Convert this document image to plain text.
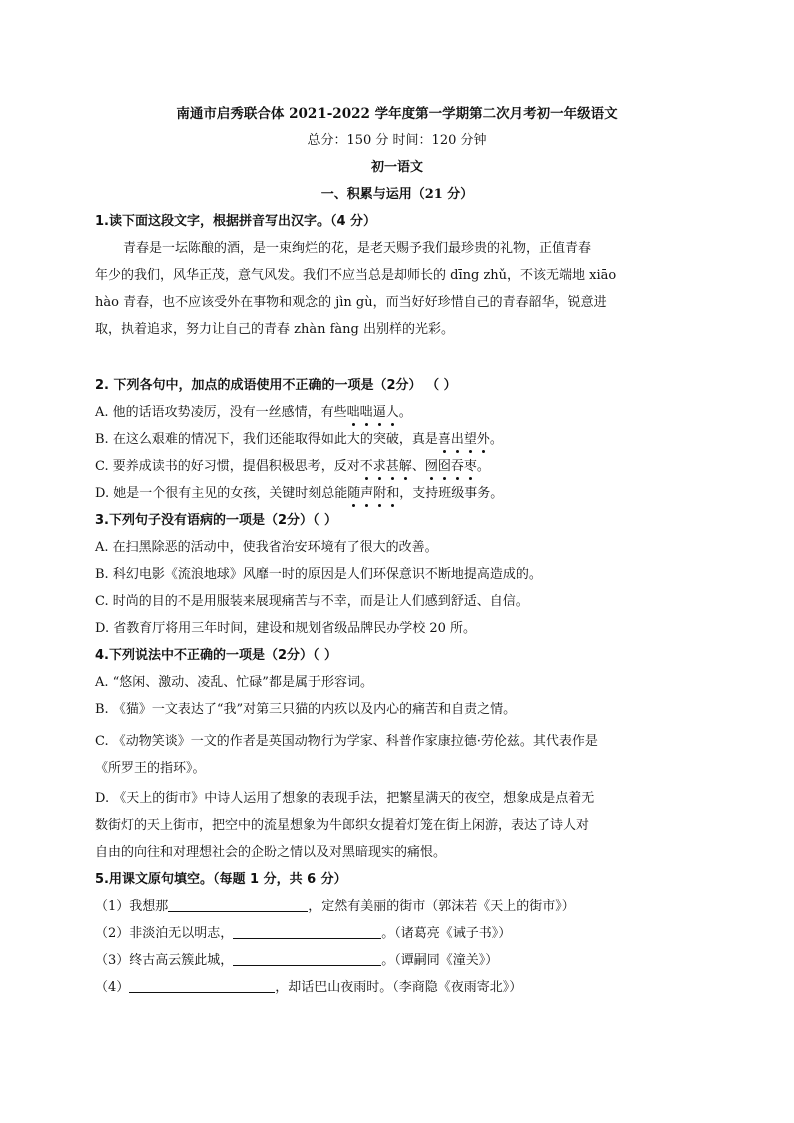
南通市启秀联合体 2021-2022 学年度第一学期第二次月考初一年级语文
总分：150 分 时间：120 分钟
初一语文
一、积累与运用（21 分）
1.读下面这段文字，根据拼音写出汉字。（4 分）
青春是一坛陈酿的酒，是一束绚烂的花，是老天赐予我们最珍贵的礼物，正值青春
年少的我们，风华正茂，意气风发。我们不应当总是却师长的 dīng zhǔ，不该无端地 xiāo
hào 青春，也不应该受外在事物和观念的 jìn gù，而当好好珍惜自己的青春韶华，锐意进
取，执着追求，努力让自己的青春 zhàn fàng 出别样的光彩。
2. 下列各句中，加点的成语使用不正确的一项是（2分） （ ）
A. 他的话语攻势凌厉，没有一丝感情，有些咄咄逼人。
B. 在这么艰难的情况下，我们还能取得如此大的突破，真是喜出望外。
C. 要养成读书的好习惯，提倡积极思考，反对不求甚解、囫囵吞枣。
D. 她是一个很有主见的女孩，关键时刻总能随声附和，支持班级事务。
3.下列句子没有语病的一项是（2分）（ ）
A. 在扫黑除恶的活动中，使我省治安环境有了很大的改善。
B. 科幻电影《流浪地球》风靡一时的原因是人们环保意识不断地提高造成的。
C. 时尚的目的不是用服装来展现痛苦与不幸，而是让人们感到舒适、自信。
D. 省教育厅将用三年时间，建设和规划省级品牌民办学校 20 所。
4.下列说法中不正确的一项是（2分）（ ）
A. “悠闲、激动、凌乱、忙碌”都是属于形容词。
B. 《猫》一文表达了“我”对第三只猫的内疚以及内心的痛苦和自责之情。
C. 《动物笑谈》一文的作者是英国动物行为学家、科普作家康拉德·劳伦兹。其代表作是
《所罗王的指环》。
D. 《天上的街市》中诗人运用了想象的表现手法，把繁星满天的夜空，想象成是点着无
数街灯的天上街市，把空中的流星想象为牛郎织女提着灯笼在街上闲游，表达了诗人对
自由的向往和对理想社会的企盼之情以及对黑暗现实的痛恨。
5.用课文原句填空。（每题 1 分，共 6 分）
（1）我想那	，定然有美丽的街市（郭沫若《天上的街市》）
（2）非淡泊无以明志，	。（诸葛亮《诫子书》）
（3）终古高云簇此城，	。（谭嗣同《潼关》）
（4）	，却话巴山夜雨时。（李商隐《夜雨寄北》）
